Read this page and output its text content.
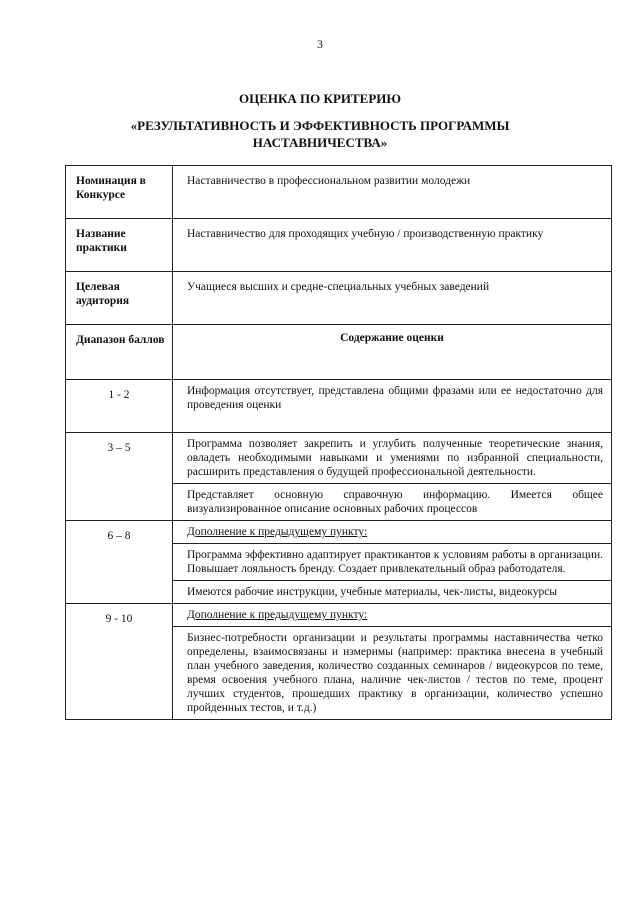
3
ОЦЕНКА ПО КРИТЕРИЮ
«РЕЗУЛЬТАТИВНОСТЬ И ЭФФЕКТИВНОСТЬ ПРОГРАММЫ НАСТАВНИЧЕСТВА»
Номинация в Конкурсе	Наставничество в профессиональном развитии молодежи
Название практики	Наставничество для проходящих учебную / производственную практику
Целевая аудитория	Учащиеся высших и средне-специальных учебных заведений
Диапазон баллов	Содержание оценки
1 - 2	Информация отсутствует, представлена общими фразами или ее недостаточно для проведения оценки

3 – 5	Программа позволяет закрепить и углубить полученные теоретические знания, овладеть необходимыми навыками и умениями по избранной специальности, расширить представления о будущей профессиональной деятельности.
Представляет основную справочную информацию. Имеется общее визуализированное описание основных рабочих процессов

6 – 8	Дополнение к предыдущему пункту:
Программа эффективно адаптирует практикантов к условиям работы в организации. Повышает лояльность бренду. Создает привлекательный образ работодателя.
Имеются рабочие инструкции, учебные материалы, чек-листы, видеокурсы

9 - 10	Дополнение к предыдущему пункту:
Бизнес-потребности организации и результаты программы наставничества четко определены, взаимосвязаны и измеримы (например: практика внесена в учебный план учебного заведения, количество созданных семинаров / видеокурсов по теме, время освоения учебного плана, наличие чек-листов / тестов по теме, процент лучших студентов, прошедших практику в организации, количество успешно пройденных тестов, и т.д.)
